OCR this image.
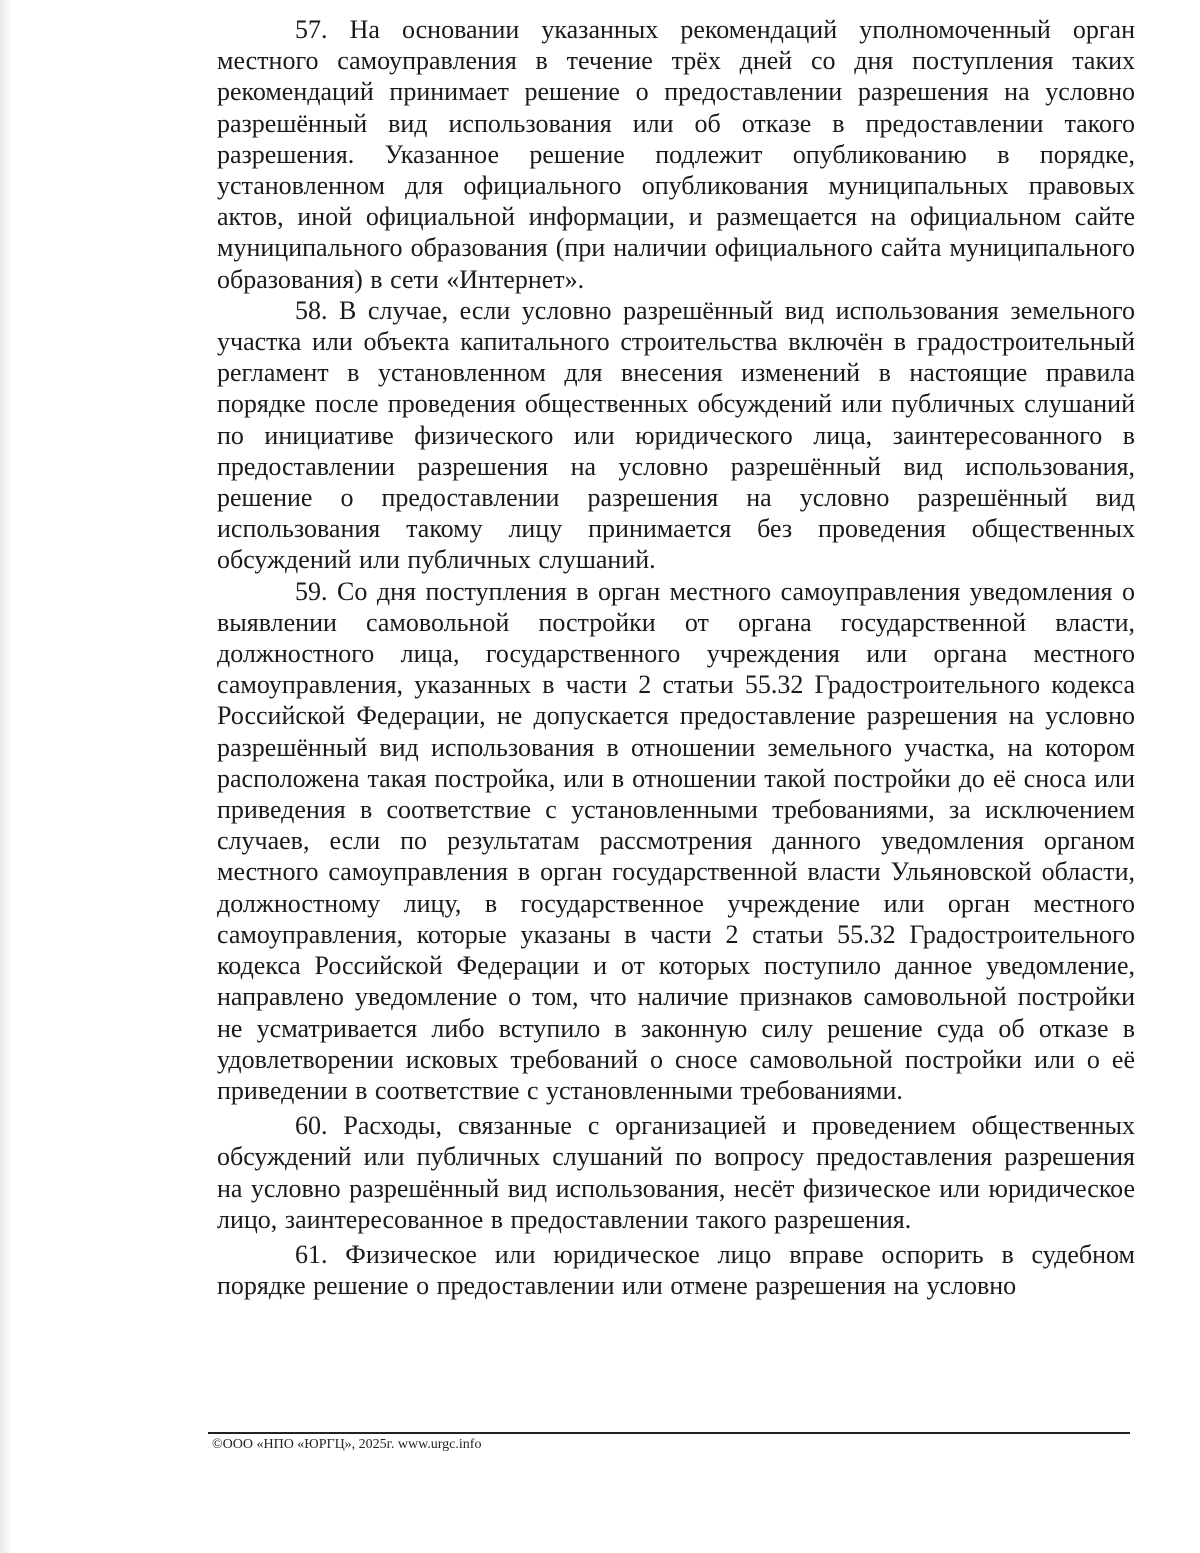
57. На основании указанных рекомендаций уполномоченный орган местного самоуправления в течение трёх дней со дня поступления таких рекомендаций принимает решение о предоставлении разрешения на условно разрешённый вид использования или об отказе в предоставлении такого разрешения. Указанное решение подлежит опубликованию в порядке, установленном для официального опубликования муниципальных правовых актов, иной официальной информации, и размещается на официальном сайте муниципального образования (при наличии официального сайта муниципального образования) в сети «Интернет».

58. В случае, если условно разрешённый вид использования земельного участка или объекта капитального строительства включён в градостроительный регламент в установленном для внесения изменений в настоящие правила порядке после проведения общественных обсуждений или публичных слушаний по инициативе физического или юридического лица, заинтересованного в предоставлении разрешения на условно разрешённый вид использования, решение о предоставлении разрешения на условно разрешённый вид использования такому лицу принимается без проведения общественных обсуждений или публичных слушаний.

59. Со дня поступления в орган местного самоуправления уведомления о выявлении самовольной постройки от органа государственной власти, должностного лица, государственного учреждения или органа местного самоуправления, указанных в части 2 статьи 55.32 Градостроительного кодекса Российской Федерации, не допускается предоставление разрешения на условно разрешённый вид использования в отношении земельного участка, на котором расположена такая постройка, или в отношении такой постройки до её сноса или приведения в соответствие с установленными требованиями, за исключением случаев, если по результатам рассмотрения данного уведомления органом местного самоуправления в орган государственной власти Ульяновской области, должностному лицу, в государственное учреждение или орган местного самоуправления, которые указаны в части 2 статьи 55.32 Градостроительного кодекса Российской Федерации и от которых поступило данное уведомление, направлено уведомление о том, что наличие признаков самовольной постройки не усматривается либо вступило в законную силу решение суда об отказе в удовлетворении исковых требований о сносе самовольной постройки или о её приведении в соответствие с установленными требованиями.

60. Расходы, связанные с организацией и проведением общественных обсуждений или публичных слушаний по вопросу предоставления разрешения на условно разрешённый вид использования, несёт физическое или юридическое лицо, заинтересованное в предоставлении такого разрешения.

61. Физическое или юридическое лицо вправе оспорить в судебном порядке решение о предоставлении или отмене разрешения на условно

©ООО «НПО «ЮРГЦ», 2025г. www.urgc.info
